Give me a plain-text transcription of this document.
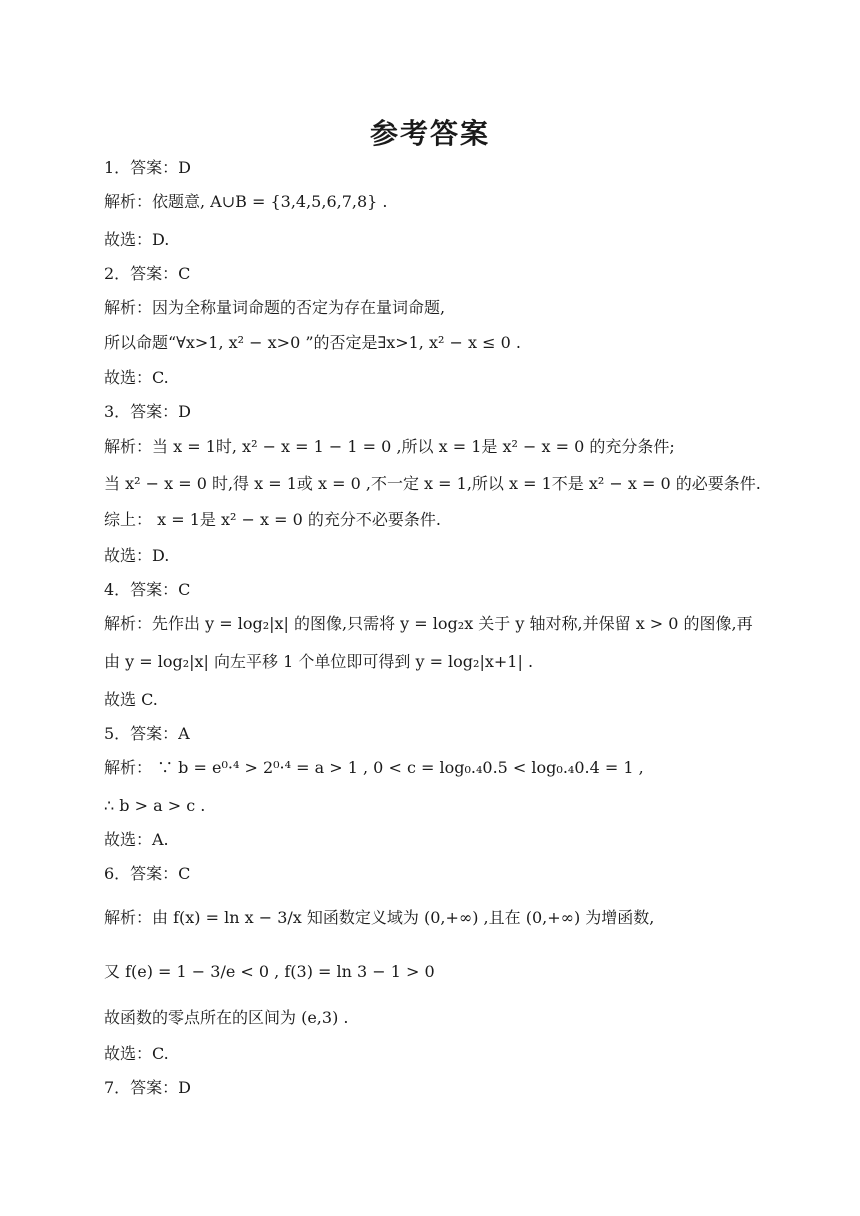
参考答案
1．答案：D
解析：依题意, A∪B = {3,4,5,6,7,8} .
故选：D.
2．答案：C
解析：因为全称量词命题的否定为存在量词命题,
所以命题“∀x>1, x² − x>0 ”的否定是∃x>1, x² − x ≤ 0 .
故选：C.
3．答案：D
解析：当 x = 1时, x² − x = 1 − 1 = 0 ,所以 x = 1是 x² − x = 0 的充分条件;
当 x² − x = 0 时,得 x = 1或 x = 0 ,不一定 x = 1,所以 x = 1不是 x² − x = 0 的必要条件.
综上： x = 1是 x² − x = 0 的充分不必要条件.
故选：D.
4．答案：C
解析：先作出 y = log₂|x| 的图像,只需将 y = log₂x 关于 y 轴对称,并保留 x > 0 的图像,再
由 y = log₂|x| 向左平移 1 个单位即可得到 y = log₂|x+1| .
故选 C.
5．答案：A
解析： ∵ b = e⁰·⁴ > 2⁰·⁴ = a > 1 , 0 < c = log₀.₄0.5 < log₀.₄0.4 = 1 ,
∴ b > a > c .
故选：A.
6．答案：C
解析：由 f(x) = ln x − 3/x 知函数定义域为 (0,+∞) ,且在 (0,+∞) 为增函数,
又 f(e) = 1 − 3/e < 0 , f(3) = ln 3 − 1 > 0
故函数的零点所在的区间为 (e,3) .
故选：C.
7．答案：D
